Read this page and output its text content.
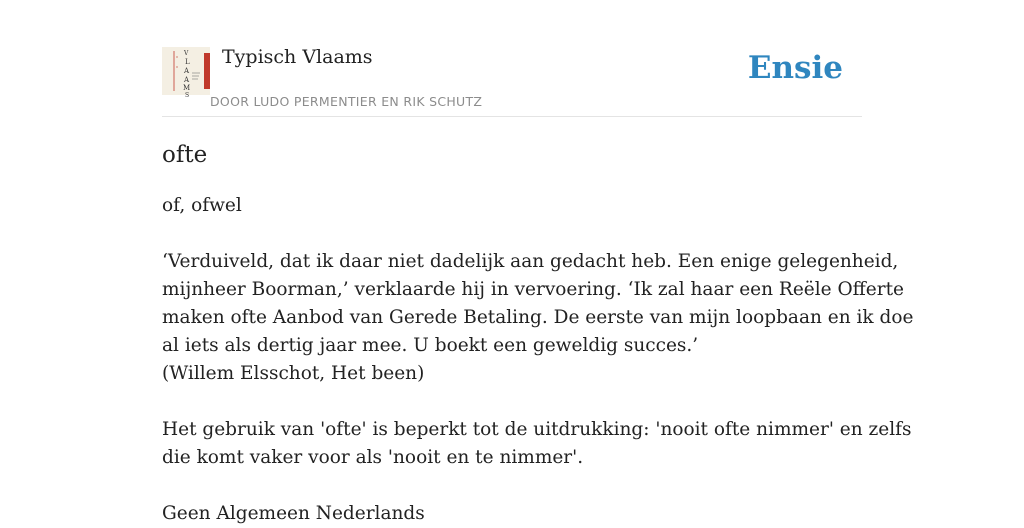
V
L
A
A
M
S
Typisch Vlaams
DOOR LUDO PERMENTIER EN RIK SCHUTZ
Ensie
ofte

of, ofwel

‘Verduiveld, dat ik daar niet dadelijk aan gedacht heb. Een enige gelegenheid,
mijnheer Boorman,’ verklaarde hij in vervoering. ‘Ik zal haar een Reële Offerte
maken ofte Aanbod van Gerede Betaling. De eerste van mijn loopbaan en ik doe
al iets als dertig jaar mee. U boekt een geweldig succes.’
(Willem Elsschot, Het been)

Het gebruik van 'ofte' is beperkt tot de uitdrukking: 'nooit ofte nimmer' en zelfs
die komt vaker voor als 'nooit en te nimmer'.

Geen Algemeen Nederlands
